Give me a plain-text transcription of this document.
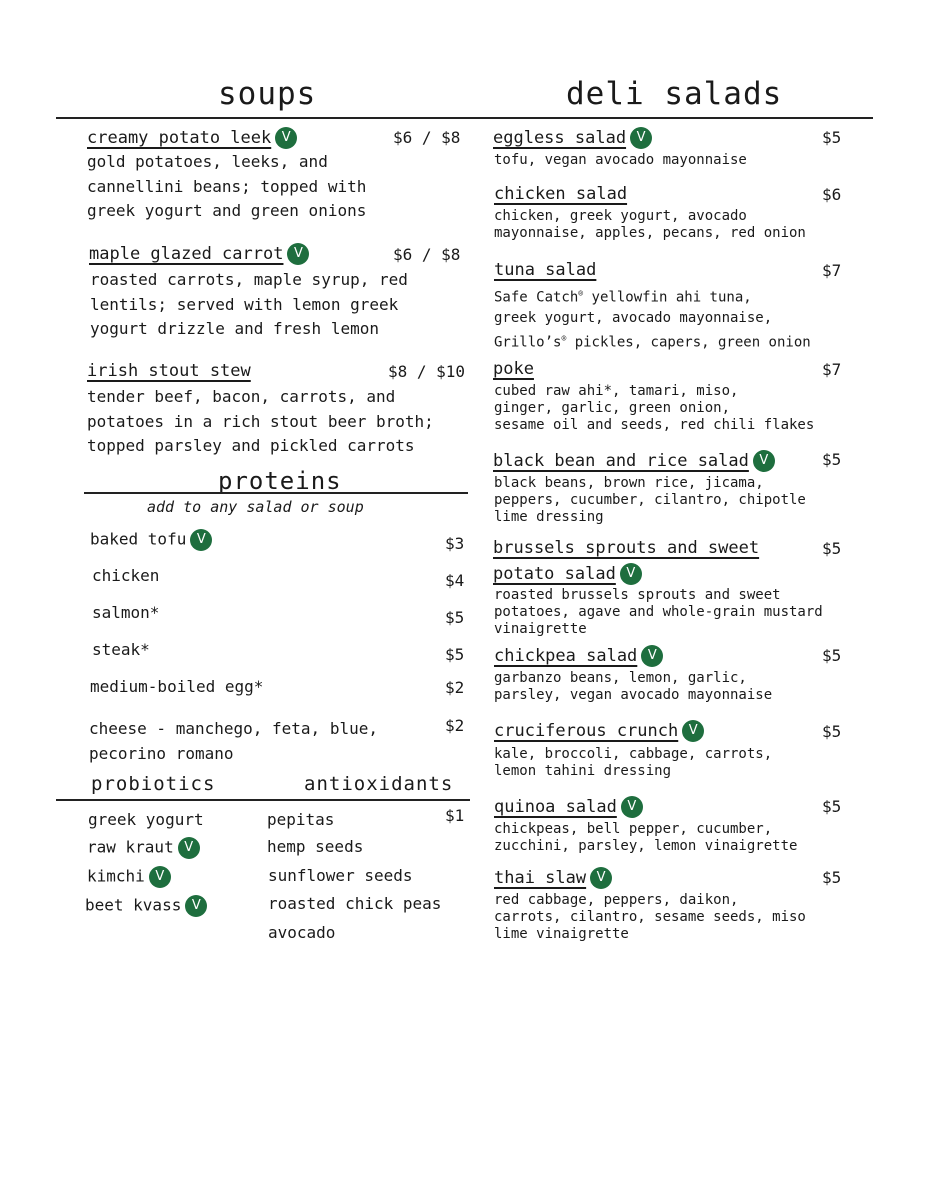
soups	deli salads
creamy potato leek V	$6 / $8
gold potatoes, leeks, and
cannellini beans; topped with
greek yogurt and green onions
maple glazed carrot V	$6 / $8
roasted carrots, maple syrup, red
lentils; served with lemon greek
yogurt drizzle and fresh lemon
irish stout stew	$8 / $10
tender beef, bacon, carrots, and
potatoes in a rich stout beer broth;
topped parsley and pickled carrots
proteins
add to any salad or soup
baked tofu V	$3
chicken	$4
salmon*	$5
steak*	$5
medium-boiled egg*	$2
cheese - manchego, feta, blue,
pecorino romano
$2
probiotics	antioxidants
greek yogurt
raw kraut V
kimchi V
beet kvass V
pepitas	$1
hemp seeds
sunflower seeds
roasted chick peas
avocado
eggless salad V	$5
tofu, vegan avocado mayonnaise
chicken salad	$6
chicken, greek yogurt, avocado
mayonnaise, apples, pecans, red onion
tuna salad	$7
Safe Catch® yellowfin ahi tuna,
greek yogurt, avocado mayonnaise,
Grillo’s® pickles, capers, green onion
poke	$7
cubed raw ahi*, tamari, miso,
ginger, garlic, green onion,
sesame oil and seeds, red chili flakes
black bean and rice salad V	$5
black beans, brown rice, jicama,
peppers, cucumber, cilantro, chipotle
lime dressing
brussels sprouts and sweet
potato salad V
$5
roasted brussels sprouts and sweet
potatoes, agave and whole-grain mustard
vinaigrette
chickpea salad V	$5
garbanzo beans, lemon, garlic,
parsley, vegan avocado mayonnaise
cruciferous crunch V	$5
kale, broccoli, cabbage, carrots,
lemon tahini dressing
quinoa salad V	$5
chickpeas, bell pepper, cucumber,
zucchini, parsley, lemon vinaigrette
thai slaw V	$5
red cabbage, peppers, daikon,
carrots, cilantro, sesame seeds, miso
lime vinaigrette
